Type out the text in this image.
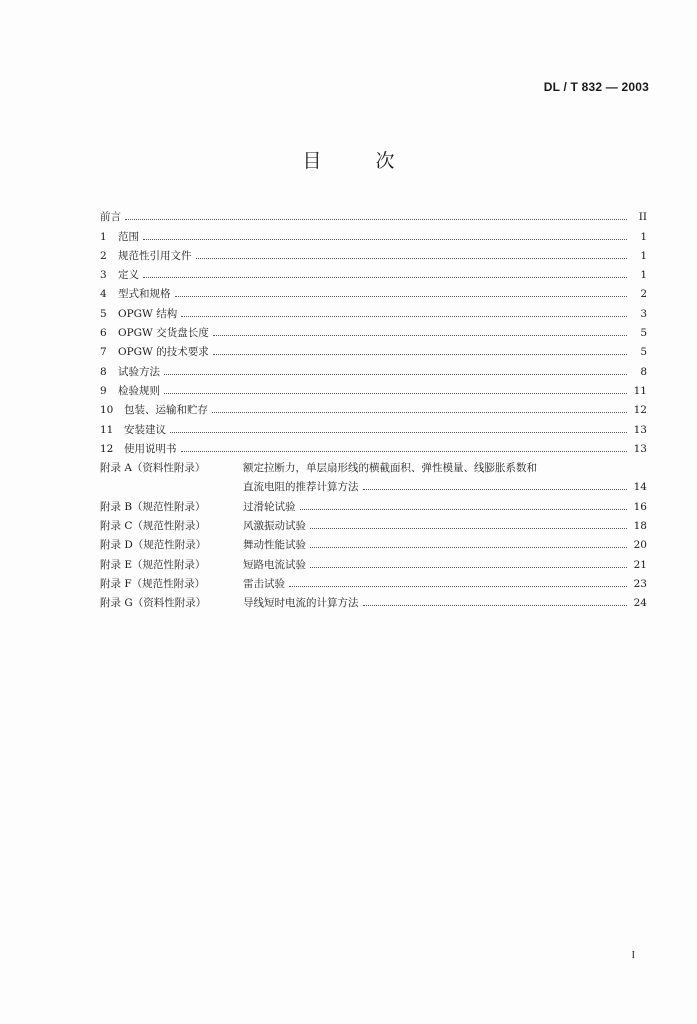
DL / T 832 — 2003
目次
前言	II
1	范围	1
2	规范性引用文件	1
3	定义	1
4	型式和规格	2
5	OPGW 结构	3
6	OPGW 交货盘长度	5
7	OPGW 的技术要求	5
8	试验方法	8
9	检验规则	11
10	包装、运输和贮存	12
11	安装建议	13
12	使用说明书	13
附录 A（资料性附录）	额定拉断力，单层扇形线的横截面积、弹性模量、线膨胀系数和
直流电阻的推荐计算方法	14
附录 B（规范性附录）	过滑轮试验	16
附录 C（规范性附录）	风激振动试验	18
附录 D（规范性附录）	舞动性能试验	20
附录 E（规范性附录）	短路电流试验	21
附录 F（规范性附录）	雷击试验	23
附录 G（资料性附录）	导线短时电流的计算方法	24
I
